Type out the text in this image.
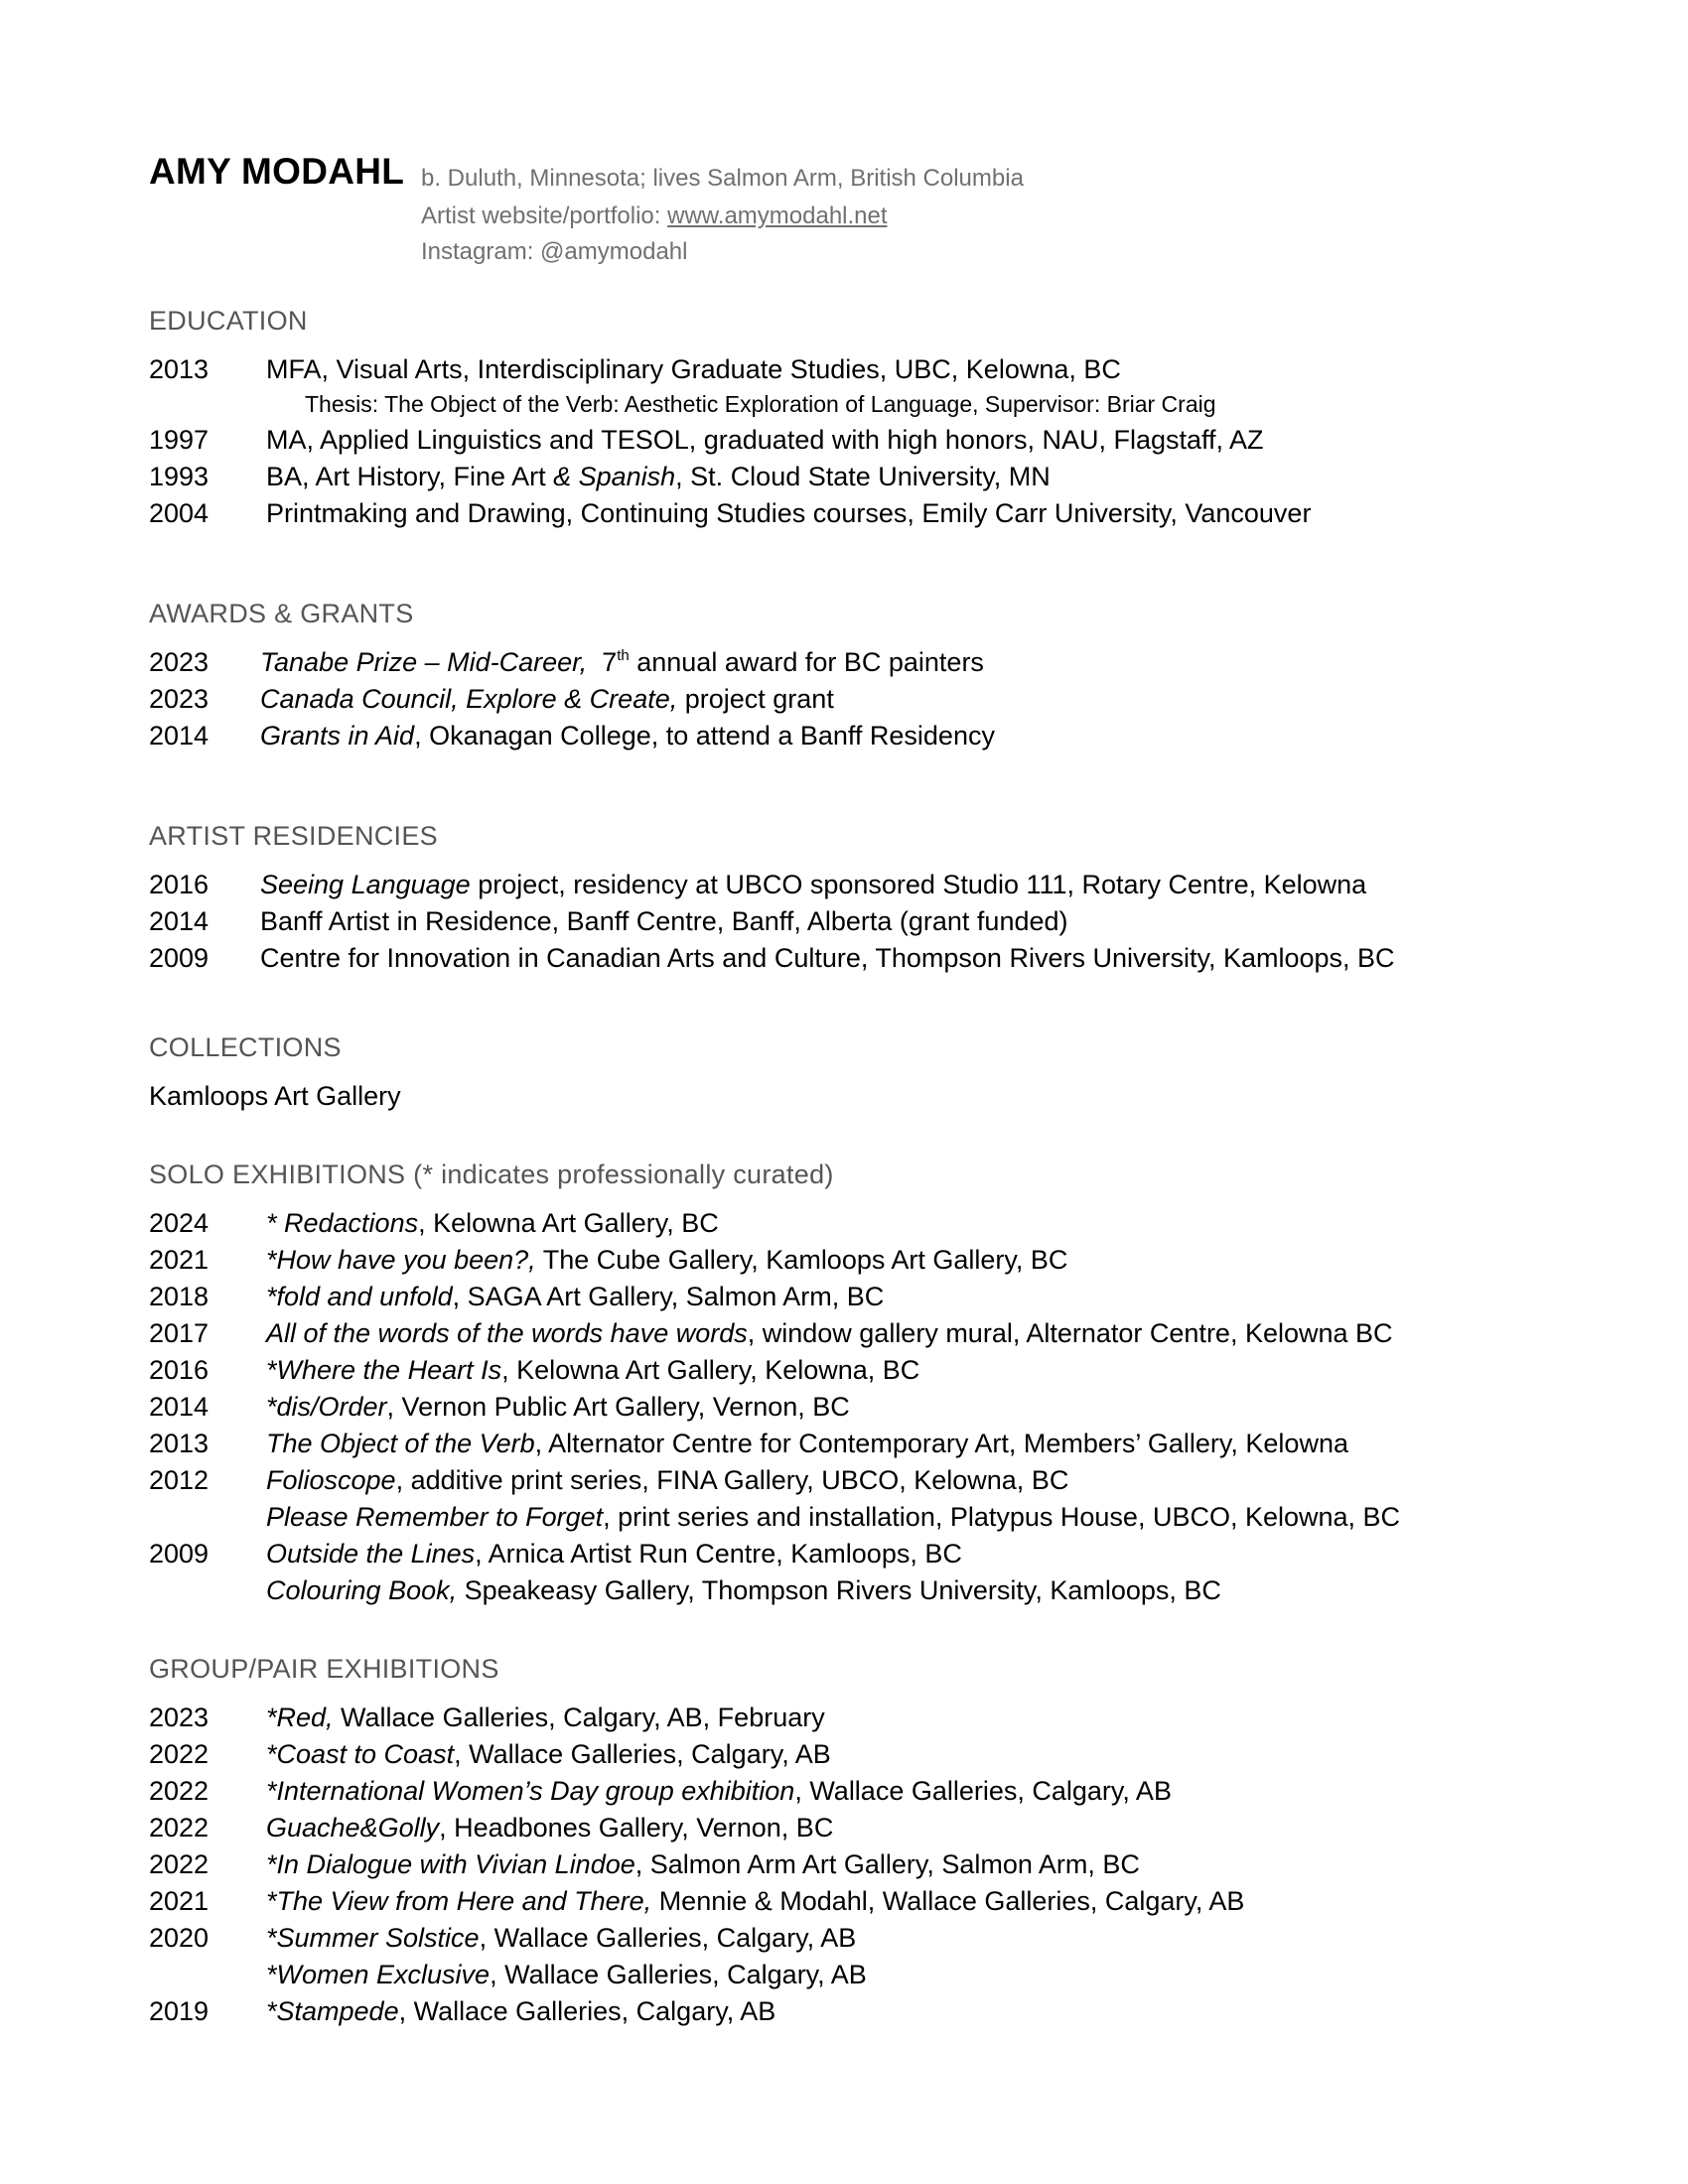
AMY MODAHL b. Duluth, Minnesota; lives Salmon Arm, British Columbia
Artist website/portfolio: www.amymodahl.net
Instagram: @amymodahl
EDUCATION
2013 MFA, Visual Arts, Interdisciplinary Graduate Studies, UBC, Kelowna, BC
Thesis: The Object of the Verb: Aesthetic Exploration of Language, Supervisor: Briar Craig
1997 MA, Applied Linguistics and TESOL, graduated with high honors, NAU, Flagstaff, AZ
1993 BA, Art History, Fine Art & Spanish, St. Cloud State University, MN
2004 Printmaking and Drawing, Continuing Studies courses, Emily Carr University, Vancouver
AWARDS & GRANTS
2023 Tanabe Prize – Mid-Career, 7th annual award for BC painters
2023 Canada Council, Explore & Create, project grant
2014 Grants in Aid, Okanagan College, to attend a Banff Residency
ARTIST RESIDENCIES
2016 Seeing Language project, residency at UBCO sponsored Studio 111, Rotary Centre, Kelowna
2014 Banff Artist in Residence, Banff Centre, Banff, Alberta (grant funded)
2009 Centre for Innovation in Canadian Arts and Culture, Thompson Rivers University, Kamloops, BC
COLLECTIONS
Kamloops Art Gallery
SOLO EXHIBITIONS (* indicates professionally curated)
2024 * Redactions, Kelowna Art Gallery, BC
2021 *How have you been?, The Cube Gallery, Kamloops Art Gallery, BC
2018 *fold and unfold, SAGA Art Gallery, Salmon Arm, BC
2017 All of the words of the words have words, window gallery mural, Alternator Centre, Kelowna BC
2016 *Where the Heart Is, Kelowna Art Gallery, Kelowna, BC
2014 *dis/Order, Vernon Public Art Gallery, Vernon, BC
2013 The Object of the Verb, Alternator Centre for Contemporary Art, Members’ Gallery, Kelowna
2012 Folioscope, additive print series, FINA Gallery, UBCO, Kelowna, BC
Please Remember to Forget, print series and installation, Platypus House, UBCO, Kelowna, BC
2009 Outside the Lines, Arnica Artist Run Centre, Kamloops, BC
Colouring Book, Speakeasy Gallery, Thompson Rivers University, Kamloops, BC
GROUP/PAIR EXHIBITIONS
2023 *Red, Wallace Galleries, Calgary, AB, February
2022 *Coast to Coast, Wallace Galleries, Calgary, AB
2022 *International Women’s Day group exhibition, Wallace Galleries, Calgary, AB
2022 Guache&Golly, Headbones Gallery, Vernon, BC
2022 *In Dialogue with Vivian Lindoe, Salmon Arm Art Gallery, Salmon Arm, BC
2021 *The View from Here and There, Mennie & Modahl, Wallace Galleries, Calgary, AB
2020 *Summer Solstice, Wallace Galleries, Calgary, AB
*Women Exclusive, Wallace Galleries, Calgary, AB
2019 *Stampede, Wallace Galleries, Calgary, AB
